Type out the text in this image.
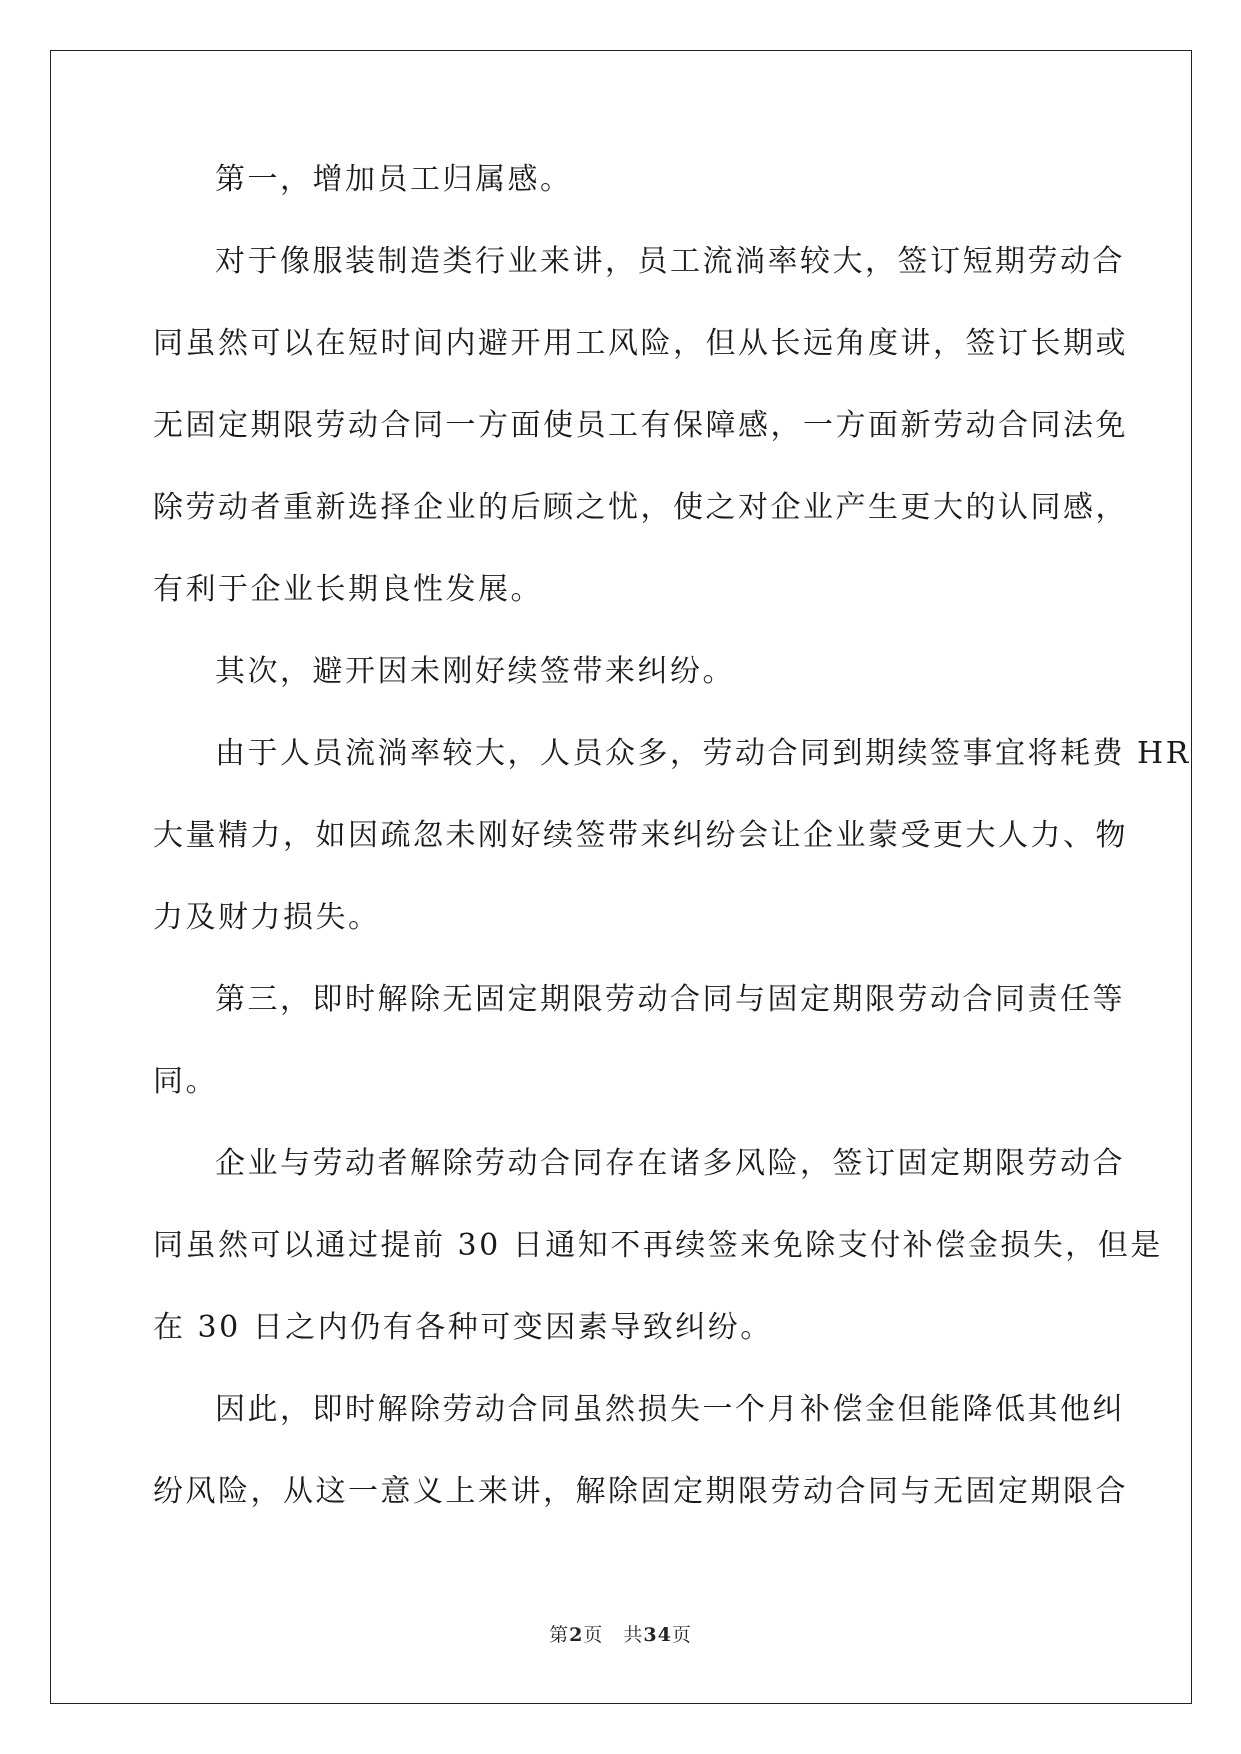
第一，增加员工归属感。
对于像服装制造类行业来讲，员工流淌率较大，签订短期劳动合
同虽然可以在短时间内避开用工风险，但从长远角度讲，签订长期或
无固定期限劳动合同一方面使员工有保障感，一方面新劳动合同法免
除劳动者重新选择企业的后顾之忧，使之对企业产生更大的认同感，
有利于企业长期良性发展。
其次，避开因未刚好续签带来纠纷。
由于人员流淌率较大，人员众多，劳动合同到期续签事宜将耗费 HR
大量精力，如因疏忽未刚好续签带来纠纷会让企业蒙受更大人力、物
力及财力损失。
第三，即时解除无固定期限劳动合同与固定期限劳动合同责任等
同。
企业与劳动者解除劳动合同存在诸多风险，签订固定期限劳动合
同虽然可以通过提前 30 日通知不再续签来免除支付补偿金损失，但是
在 30 日之内仍有各种可变因素导致纠纷。
因此，即时解除劳动合同虽然损失一个月补偿金但能降低其他纠
纷风险，从这一意义上来讲，解除固定期限劳动合同与无固定期限合
第2页 共34页
